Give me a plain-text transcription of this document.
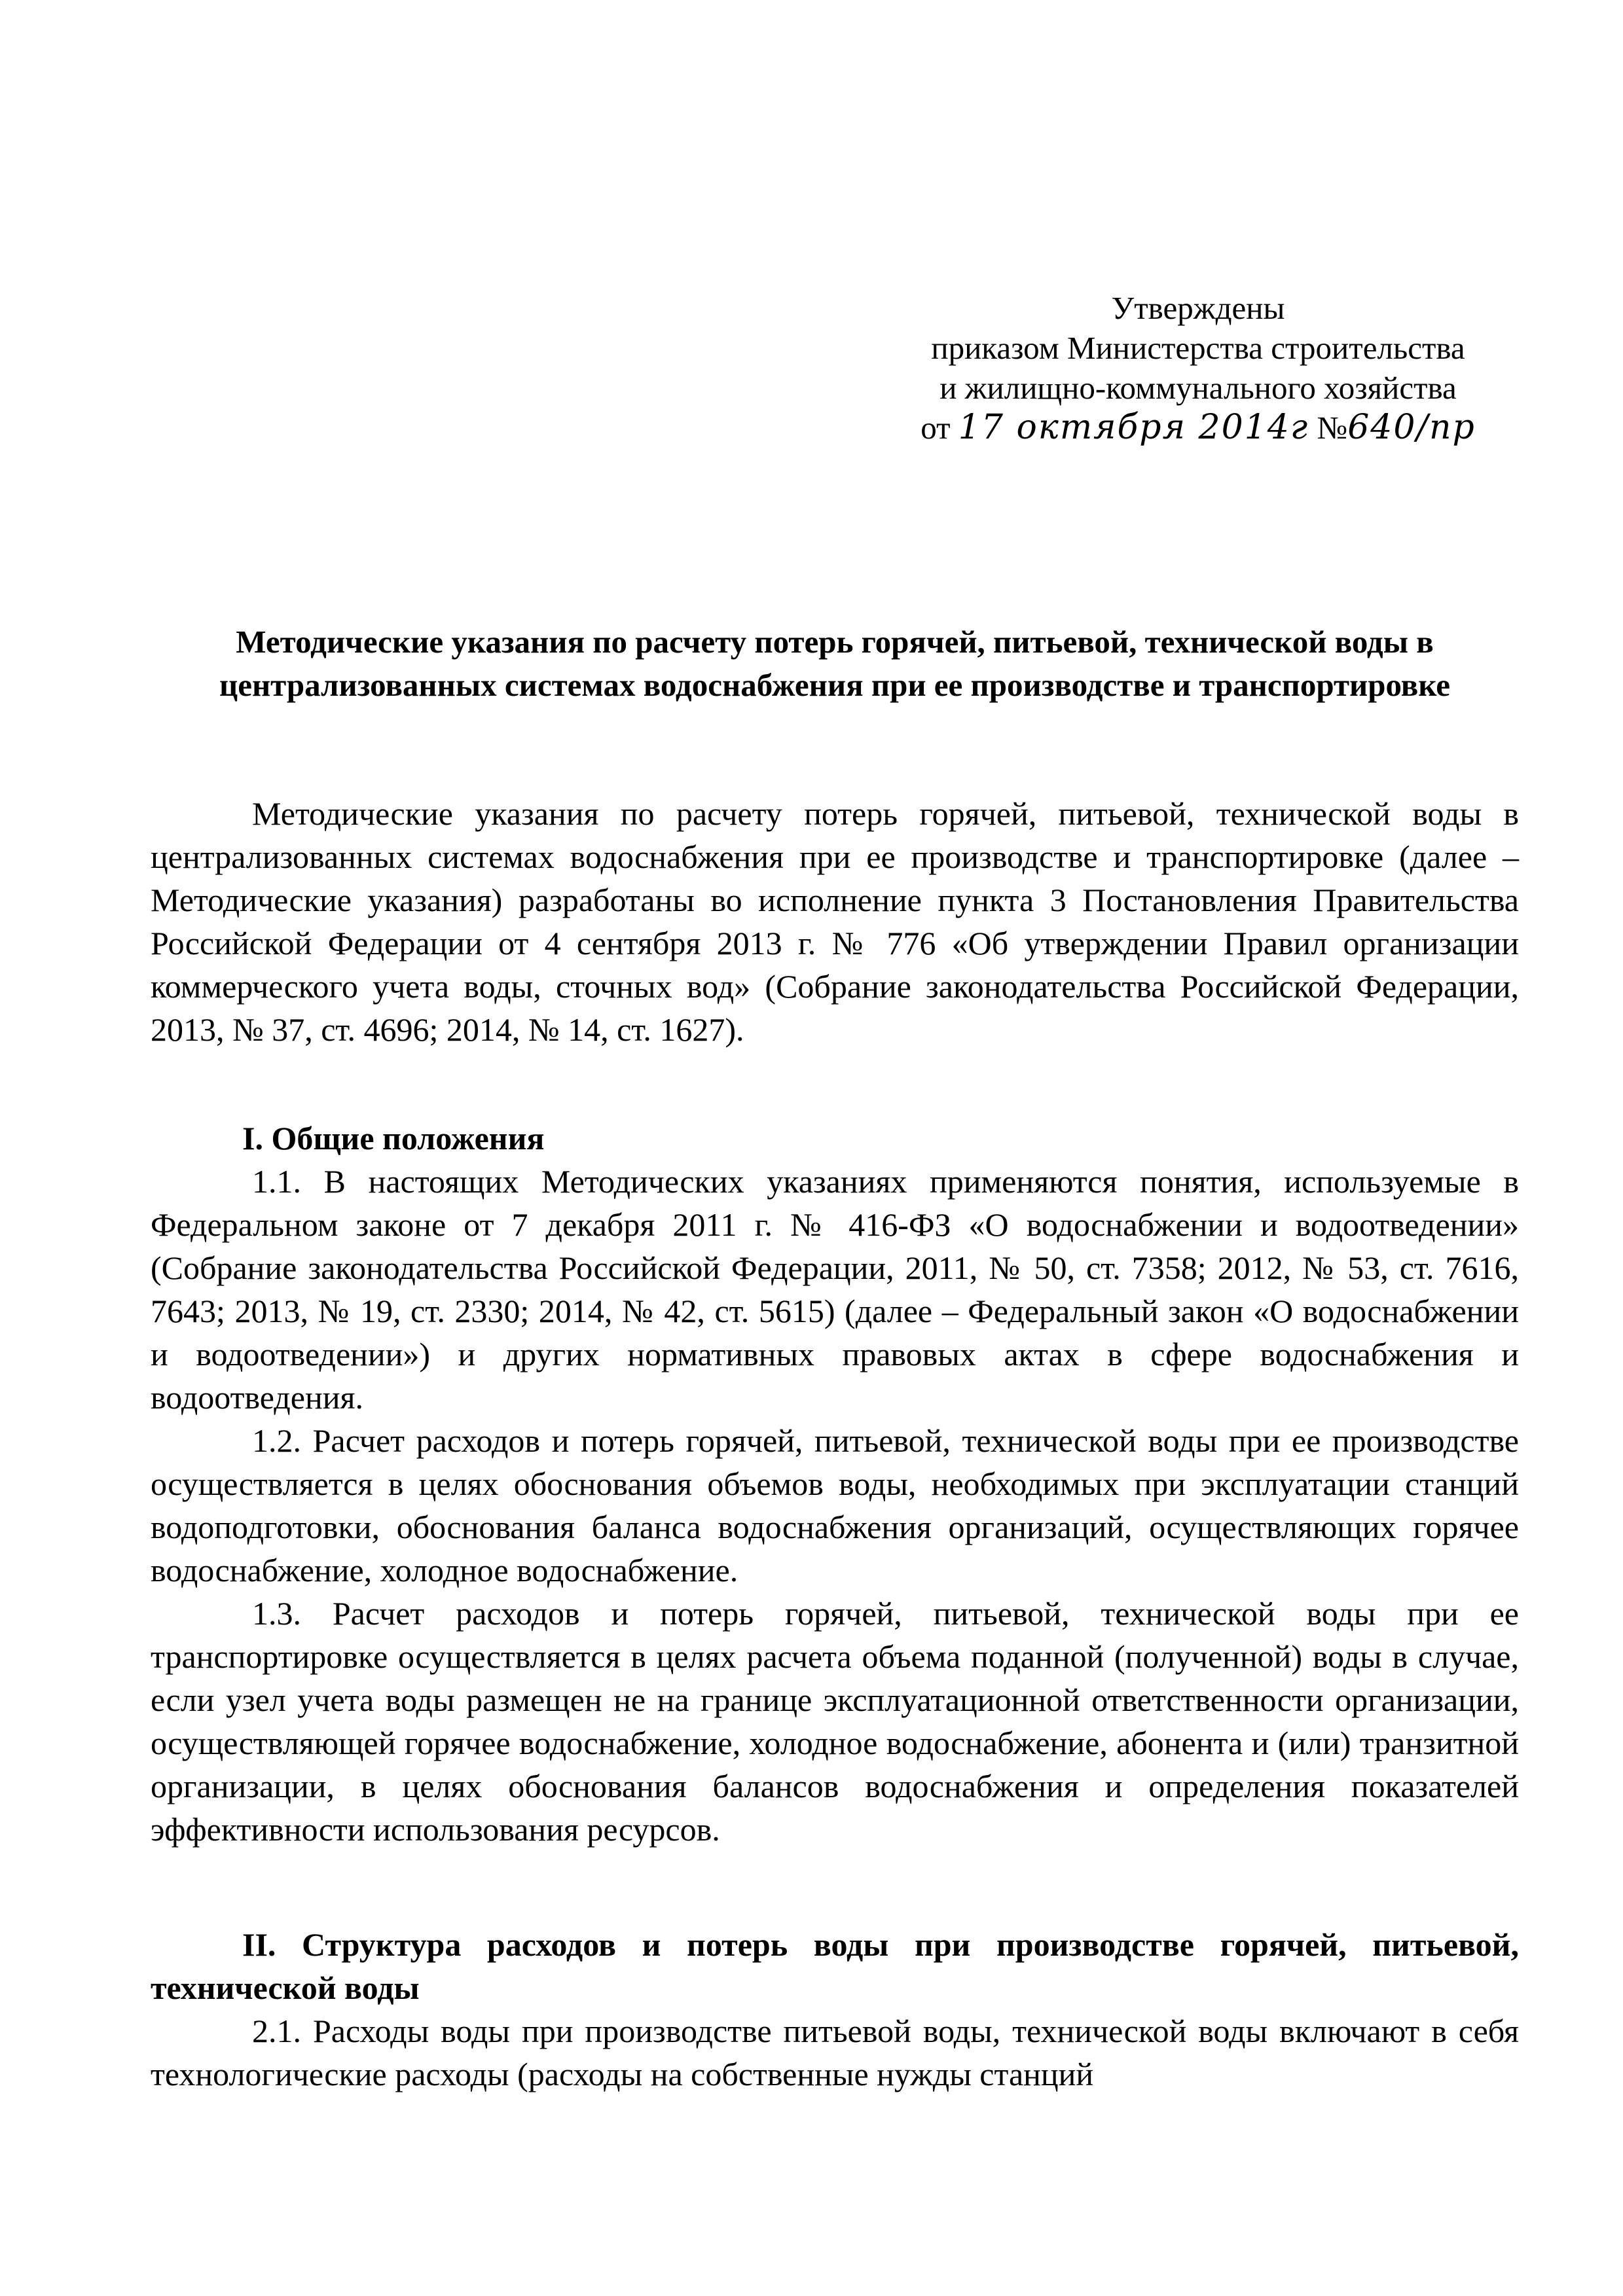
Утверждены
приказом Министерства строительства
и жилищно-коммунального хозяйства
от 17 октября 2014г №640/пр
Методические указания по расчету потерь горячей, питьевой, технической воды в централизованных системах водоснабжения при ее производстве и транспортировке

Методические указания по расчету потерь горячей, питьевой, технической воды в централизованных системах водоснабжения при ее производстве и транспортировке (далее – Методические указания) разработаны во исполнение пункта 3 Постановления Правительства Российской Федерации от 4 сентября 2013 г. № 776 «Об утверждении Правил организации коммерческого учета воды, сточных вод» (Собрание законодательства Российской Федерации, 2013, № 37, ст. 4696; 2014, № 14, ст. 1627).

I. Общие положения

1.1. В настоящих Методических указаниях применяются понятия, используемые в Федеральном законе от 7 декабря 2011 г. № 416-ФЗ «О водоснабжении и водоотведении» (Собрание законодательства Российской Федерации, 2011, № 50, ст. 7358; 2012, № 53, ст. 7616, 7643; 2013, № 19, ст. 2330; 2014, № 42, ст. 5615) (далее – Федеральный закон «О водоснабжении и водоотведении») и других нормативных правовых актах в сфере водоснабжения и водоотведения.

1.2. Расчет расходов и потерь горячей, питьевой, технической воды при ее производстве осуществляется в целях обоснования объемов воды, необходимых при эксплуатации станций водоподготовки, обоснования баланса водоснабжения организаций, осуществляющих горячее водоснабжение, холодное водоснабжение.

1.3. Расчет расходов и потерь горячей, питьевой, технической воды при ее транспортировке осуществляется в целях расчета объема поданной (полученной) воды в случае, если узел учета воды размещен не на границе эксплуатационной ответственности организации, осуществляющей горячее водоснабжение, холодное водоснабжение, абонента и (или) транзитной организации, в целях обоснования балансов водоснабжения и определения показателей эффективности использования ресурсов.

II. Структура расходов и потерь воды при производстве горячей, питьевой, технической воды

2.1. Расходы воды при производстве питьевой воды, технической воды включают в себя технологические расходы (расходы на собственные нужды станций
